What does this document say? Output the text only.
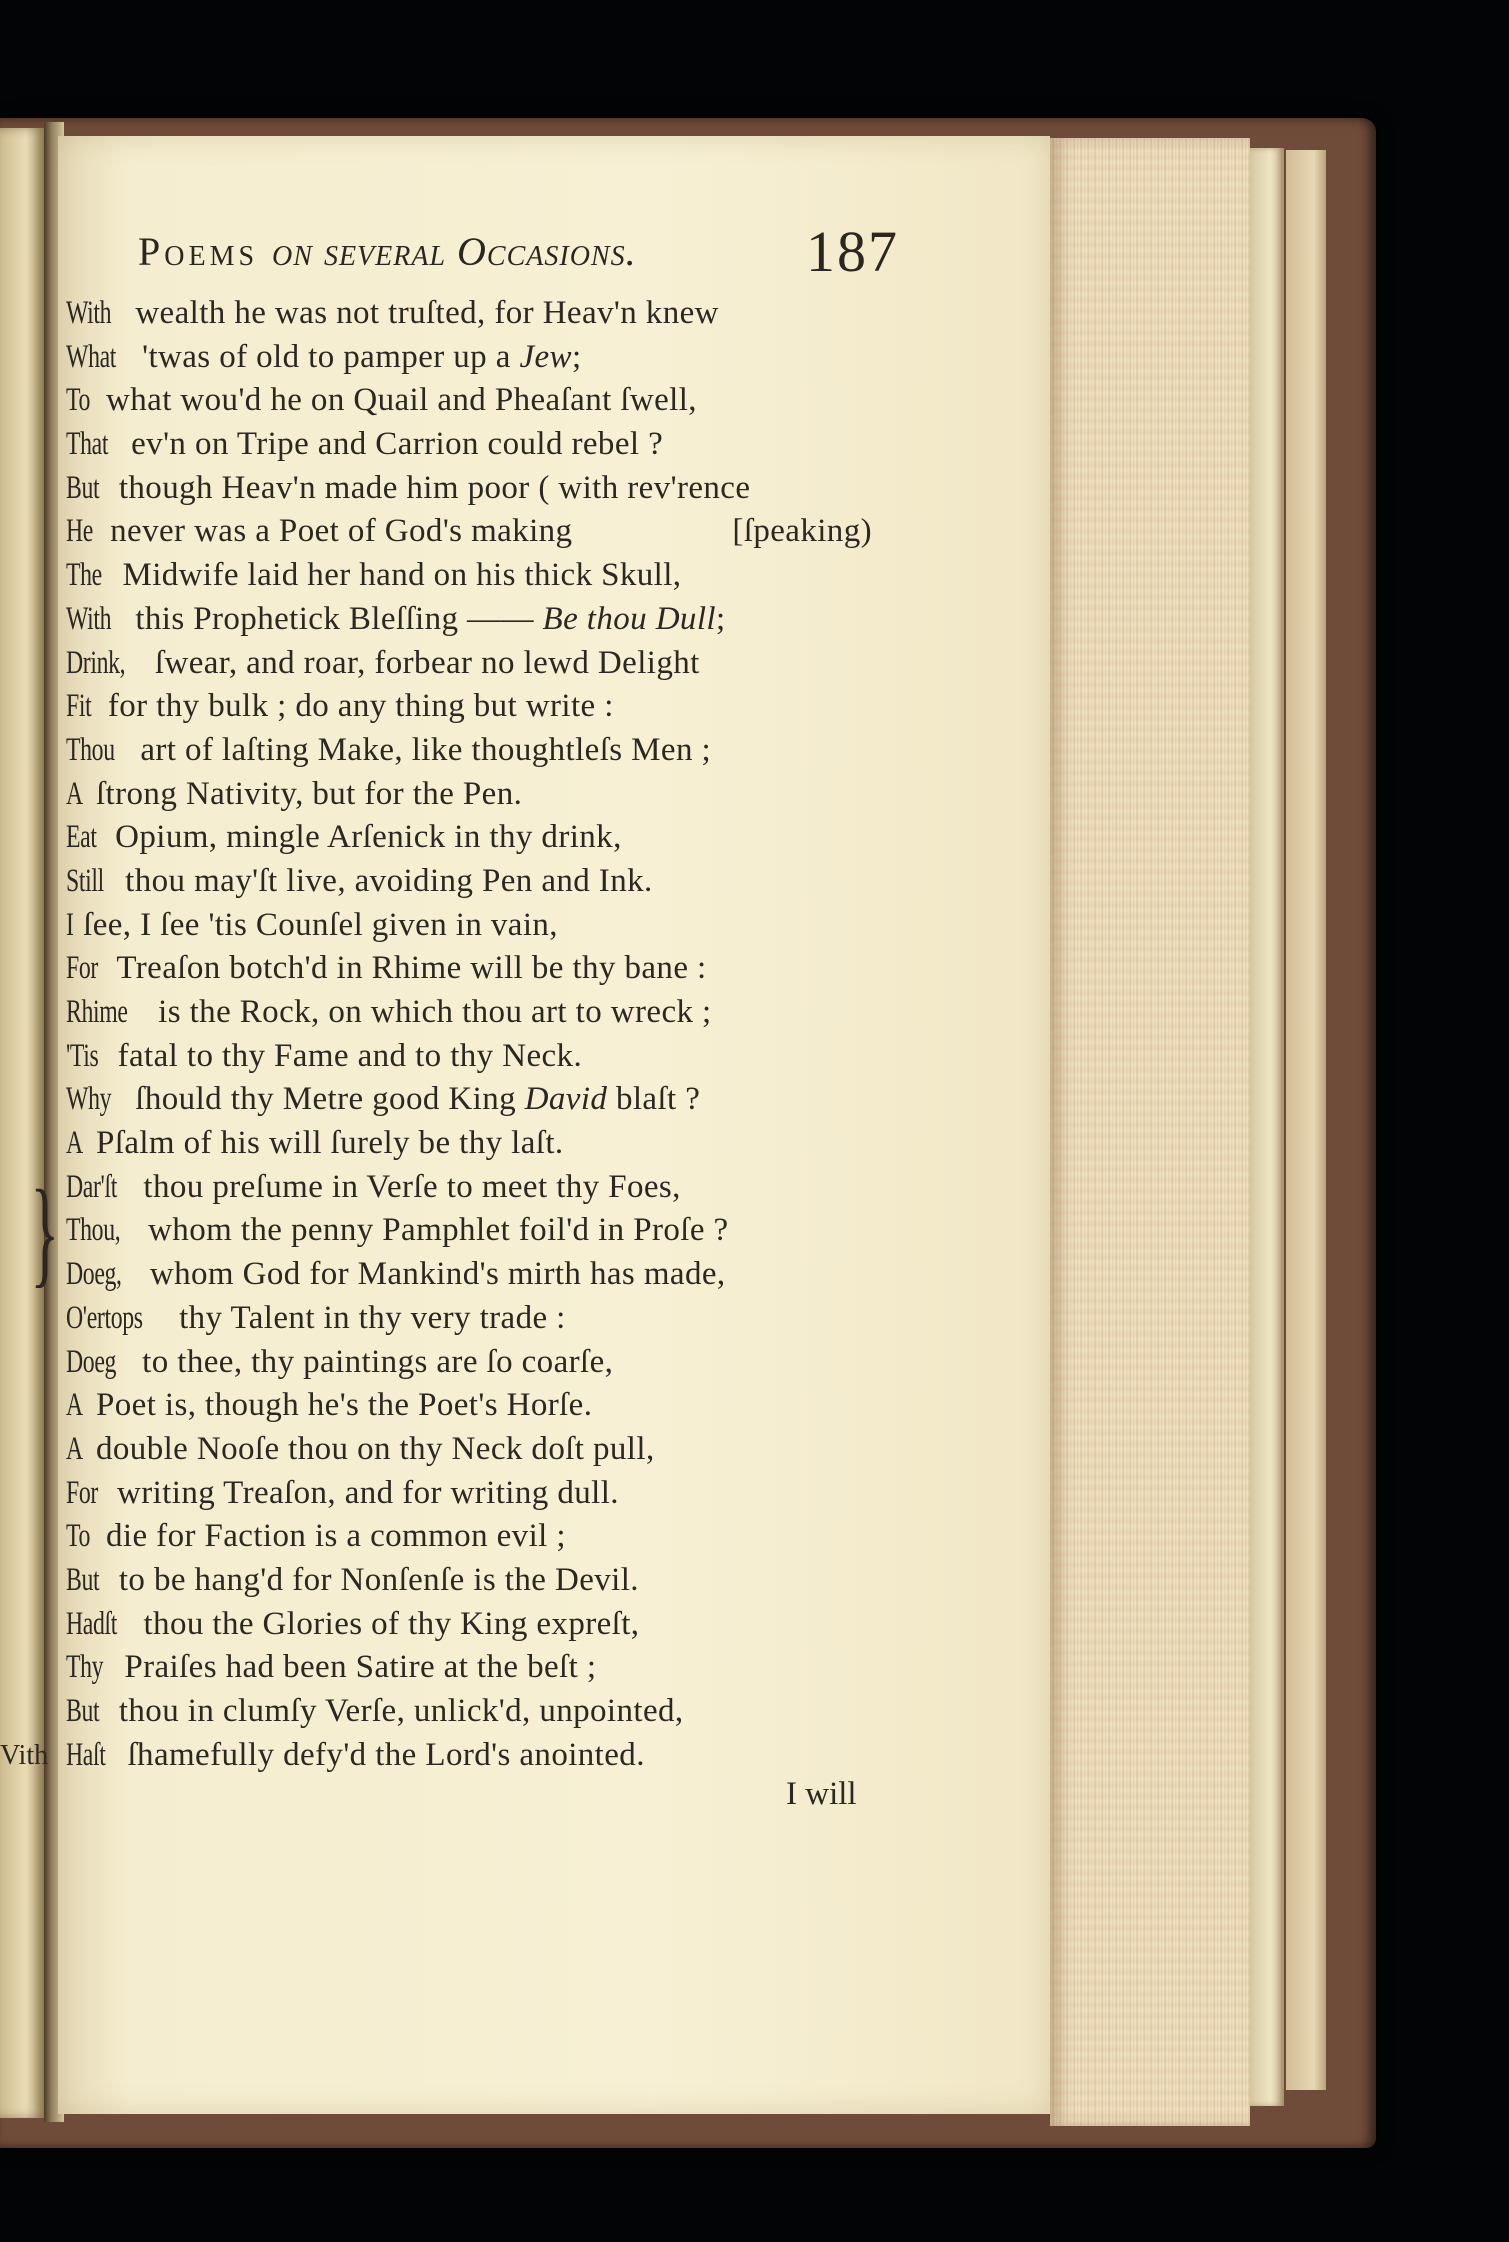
}
Vith
Poems on ſeveral Occaſions.	187
With wealth he was not truſted, for Heav'n knew
What 'twas of old to pamper up a Jew;
To what wou'd he on Quail and Pheaſant ſwell,
That ev'n on Tripe and Carrion could rebel ?
But though Heav'n made him poor ( with rev'rence
He never was a Poet of God's making	[ſpeaking)
The Midwife laid her hand on his thick Skull,
With this Prophetick Bleſſing —— Be thou Dull;
Drink, ſwear, and roar, forbear no lewd Delight
Fit for thy bulk ; do any thing but write :
Thou art of laſting Make, like thoughtleſs Men ;
A ſtrong Nativity, but for the Pen.
Eat Opium, mingle Arſenick in thy drink,
Still thou may'ſt live, avoiding Pen and Ink.
I ſee, I ſee 'tis Counſel given in vain,
For Treaſon botch'd in Rhime will be thy bane :
Rhime is the Rock, on which thou art to wreck ;
'Tis fatal to thy Fame and to thy Neck.
Why ſhould thy Metre good King David blaſt ?
A Pſalm of his will ſurely be thy laſt.
Dar'ſt thou preſume in Verſe to meet thy Foes,
Thou, whom the penny Pamphlet foil'd in Proſe ?
Doeg, whom God for Mankind's mirth has made,
O'ertops thy Talent in thy very trade :
Doeg to thee, thy paintings are ſo coarſe,
A Poet is, though he's the Poet's Horſe.
A double Nooſe thou on thy Neck doſt pull,
For writing Treaſon, and for writing dull.
To die for Faction is a common evil ;
But to be hang'd for Nonſenſe is the Devil.
Hadſt thou the Glories of thy King expreſt,
Thy Praiſes had been Satire at the beſt ;
But thou in clumſy Verſe, unlick'd, unpointed,
Haſt ſhamefully defy'd the Lord's anointed.
I will
